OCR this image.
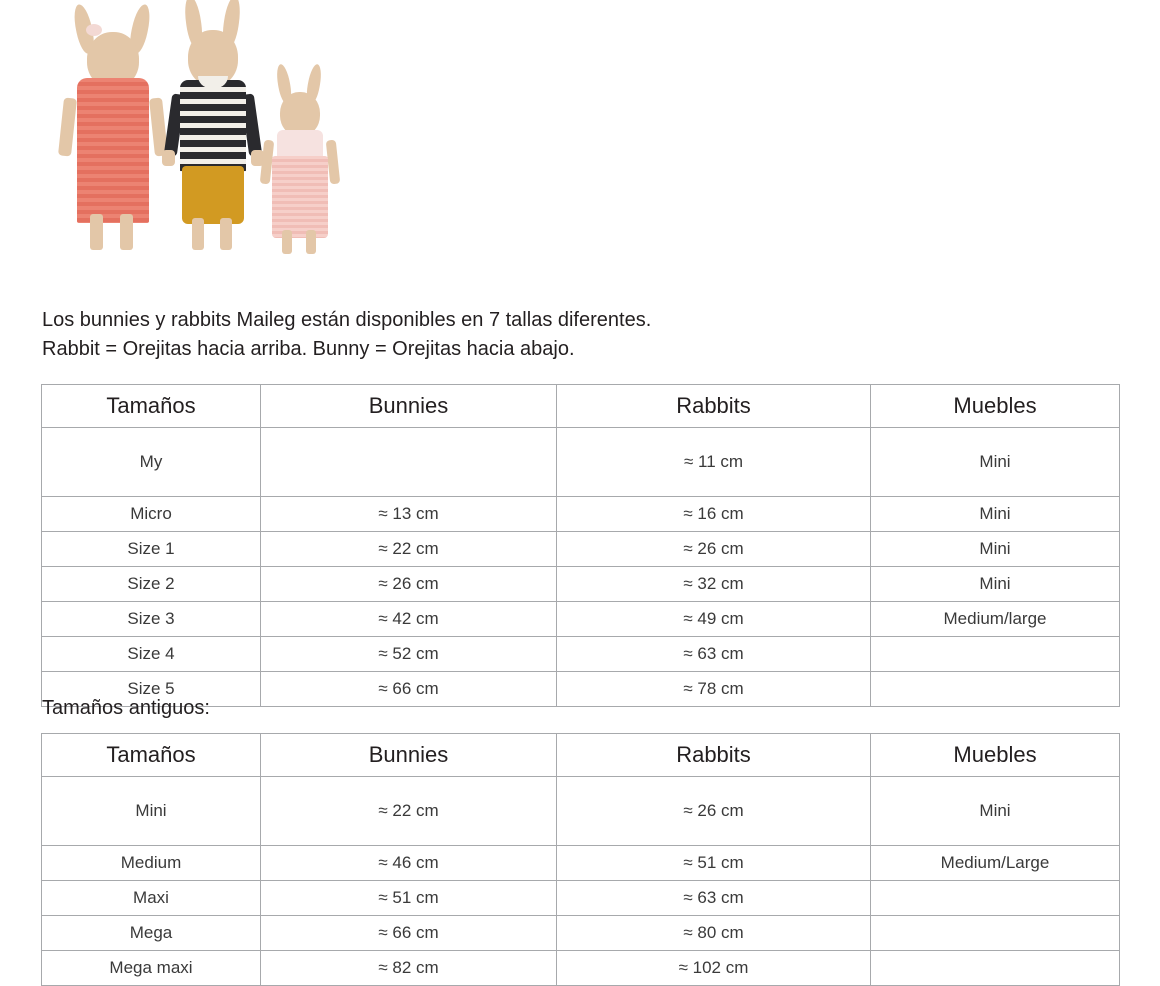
Los bunnies y rabbits Maileg están disponibles en 7 tallas diferentes.
Rabbit = Orejitas hacia arriba. Bunny = Orejitas hacia abajo.
Tamaños	Bunnies	Rabbits	Muebles
My		≈ 11 cm	Mini
Micro	≈ 13 cm	≈ 16 cm	Mini
Size 1	≈ 22 cm	≈ 26 cm	Mini
Size 2	≈ 26 cm	≈ 32 cm	Mini
Size 3	≈ 42 cm	≈ 49 cm	Medium/large
Size 4	≈ 52 cm	≈ 63 cm	
Size 5	≈ 66 cm	≈ 78 cm	
Tamaños antiguos:
Tamaños	Bunnies	Rabbits	Muebles
Mini	≈ 22 cm	≈ 26 cm	Mini
Medium	≈ 46 cm	≈ 51 cm	Medium/Large
Maxi	≈ 51 cm	≈ 63 cm	
Mega	≈ 66 cm	≈ 80 cm	
Mega maxi	≈ 82 cm	≈ 102 cm	
